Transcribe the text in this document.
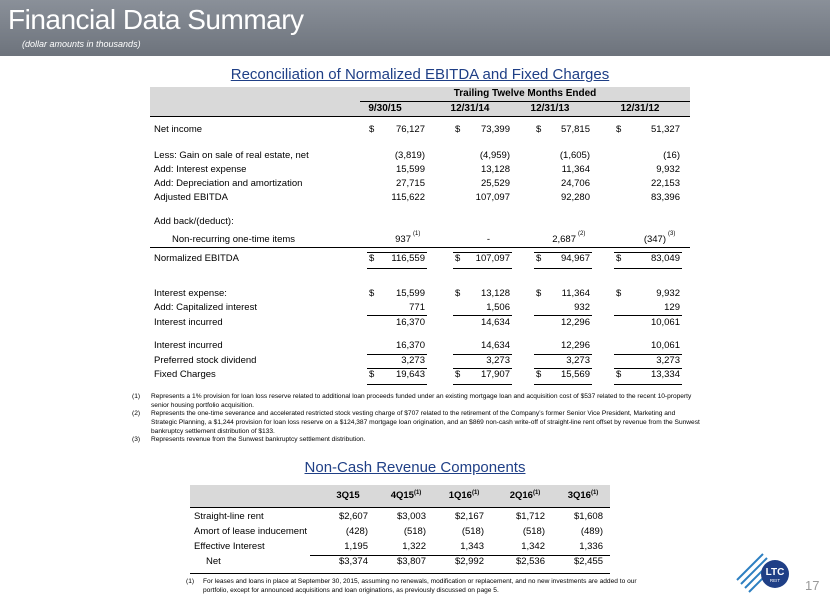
Financial Data Summary
(dollar amounts in thousands)
Reconciliation of Normalized EBITDA and Fixed Charges
Trailing Twelve Months Ended
9/30/15	12/31/14	12/31/13	12/31/12
Net income	$	76,127	$	73,399	$	57,815	$	51,327
Less: Gain on sale of real estate, net	(3,819)	(4,959)	(1,605)	(16)
Add: Interest expense	15,599	13,128	11,364	9,932
Add: Depreciation and amortization	27,715	25,529	24,706	22,153
Adjusted EBITDA	115,622	107,097	92,280	83,396
Add back/(deduct):
Non-recurring one-time items	937 (1)	-	2,687 (2)	(347) (3)
Normalized EBITDA	$	116,559	$	107,097	$	94,967	$	83,049
Interest expense:	$	15,599	$	13,128	$	11,364	$	9,932
Add: Capitalized interest	771	1,506	932	129
Interest incurred	16,370	14,634	12,296	10,061
Interest incurred	16,370	14,634	12,296	10,061
Preferred stock dividend	3,273	3,273	3,273	3,273
Fixed Charges	$	19,643	$	17,907	$	15,569	$	13,334
(1) Represents a 1% provision for loan loss reserve related to additional loan proceeds funded under an existing mortgage loan and acquisition cost of $537 related to the recent 10-property senior housing portfolio acquisition.
(2) Represents the one-time severance and accelerated restricted stock vesting charge of $707 related to the retirement of the Company’s former Senior Vice President, Marketing and Strategic Planning, a $1,244 provision for loan loss reserve on a $124,387 mortgage loan origination, and an $869 non-cash write-off of straight-line rent offset by revenue from the Sunwest bankruptcy settlement distribution of $133.
(3) Represents revenue from the Sunwest bankruptcy settlement distribution.
Non-Cash Revenue Components
3Q15	4Q15$^{(1)}$	1Q16$^{(1)}$	2Q16$^{(1)}$	3Q16$^{(1)}$
Straight-line rent	$2,607	$3,003	$2,167	$1,712	$1,608
Amort of lease inducement	(428)	(518)	(518)	(518)	(489)
Effective Interest	1,195	1,322	1,343	1,342	1,336
Net	$3,374	$3,807	$2,992	$2,536	$2,455
(1) For leases and loans in place at September 30, 2015, assuming no renewals, modification or replacement, and no new investments are added to our portfolio, except for announced acquisitions and loan originations, as previously discussed on page 5.
LTC
REIT	17
